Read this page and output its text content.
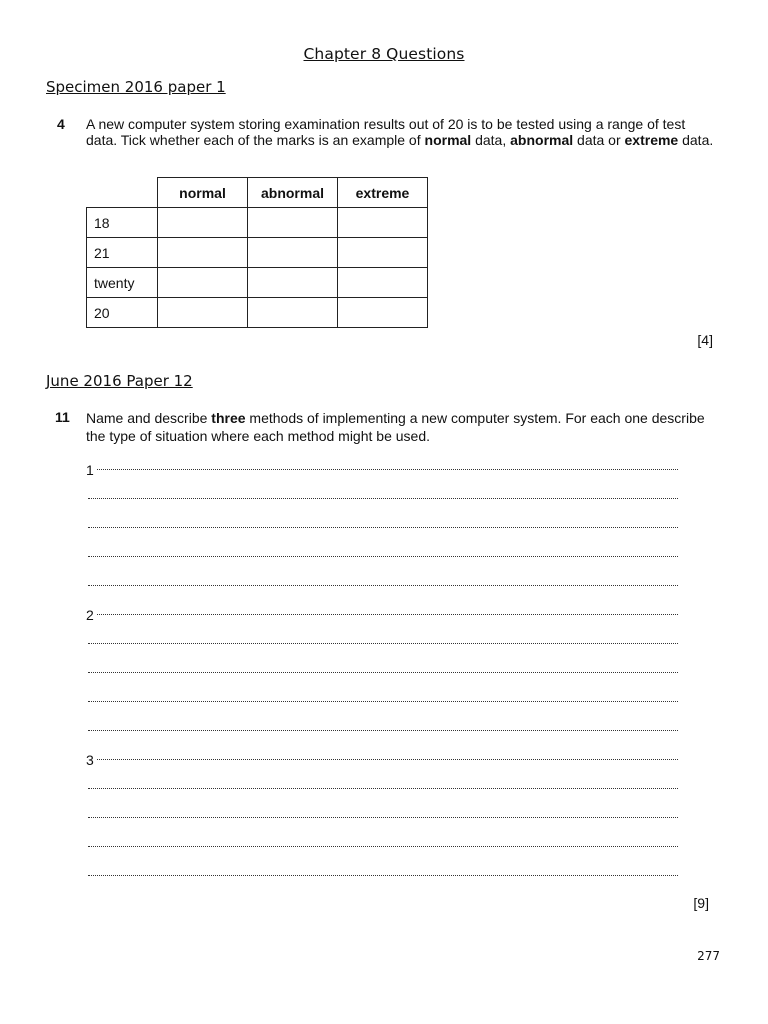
Chapter 8 Questions
Specimen 2016 paper 1
4 A new computer system storing examination results out of 20 is to be tested using a range of test data. Tick whether each of the marks is an example of normal data, abnormal data or extreme data.
	normal	abnormal	extreme
18			
21			
twenty			
20			
[4]
June 2016 Paper 12
11 Name and describe three methods of implementing a new computer system. For each one describe the type of situation where each method might be used.
1
2
3
[9]
277
